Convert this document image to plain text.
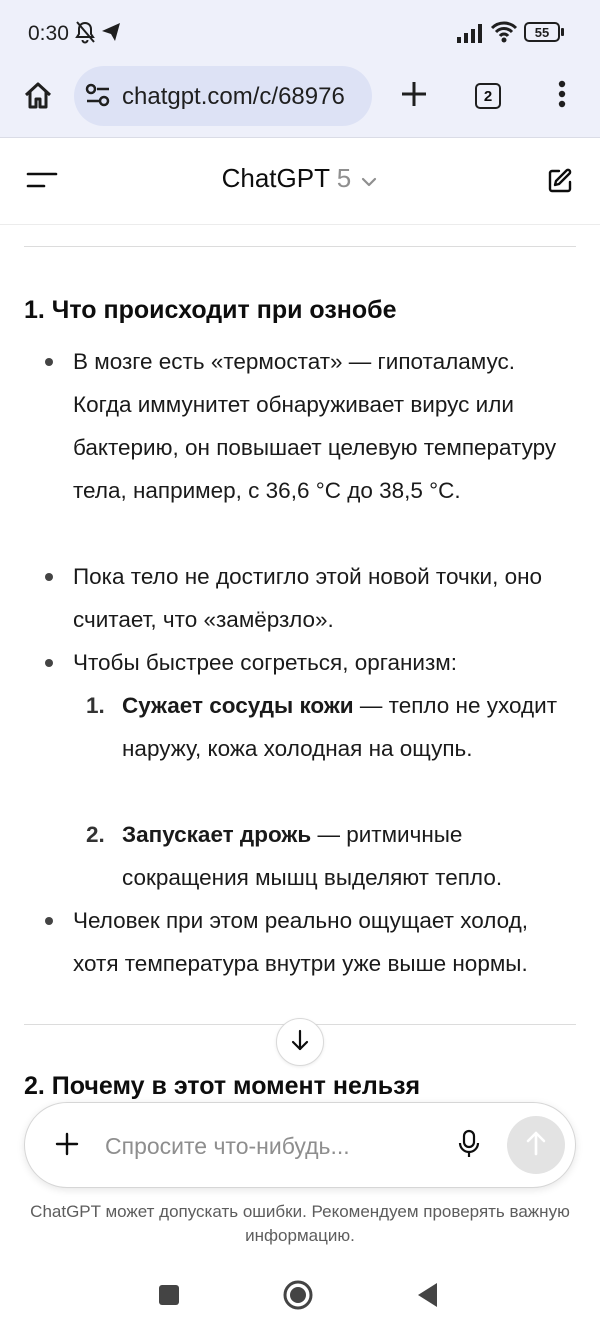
0:30	55
chatgpt.com/c/68976	2
ChatGPT 5
1. Что происходит при ознобе
В мозге есть «термостат» — гипоталамус. Когда иммунитет обнаруживает вирус или бактерию, он повышает целевую температуру тела, например, с 36,6 °C до 38,5 °C.
Пока тело не достигло этой новой точки, оно считает, что «замёрзло».
Чтобы быстрее согреться, организм:
1. Сужает сосуды кожи — тепло не уходит наружу, кожа холодная на ощупь.
2. Запускает дрожь — ритмичные сокращения мышц выделяют тепло.
Человек при этом реально ощущает холод, хотя температура внутри уже выше нормы.
2. Почему в этот момент нельзя
Спросите что-нибудь...
ChatGPT может допускать ошибки. Рекомендуем проверять важную информацию.
